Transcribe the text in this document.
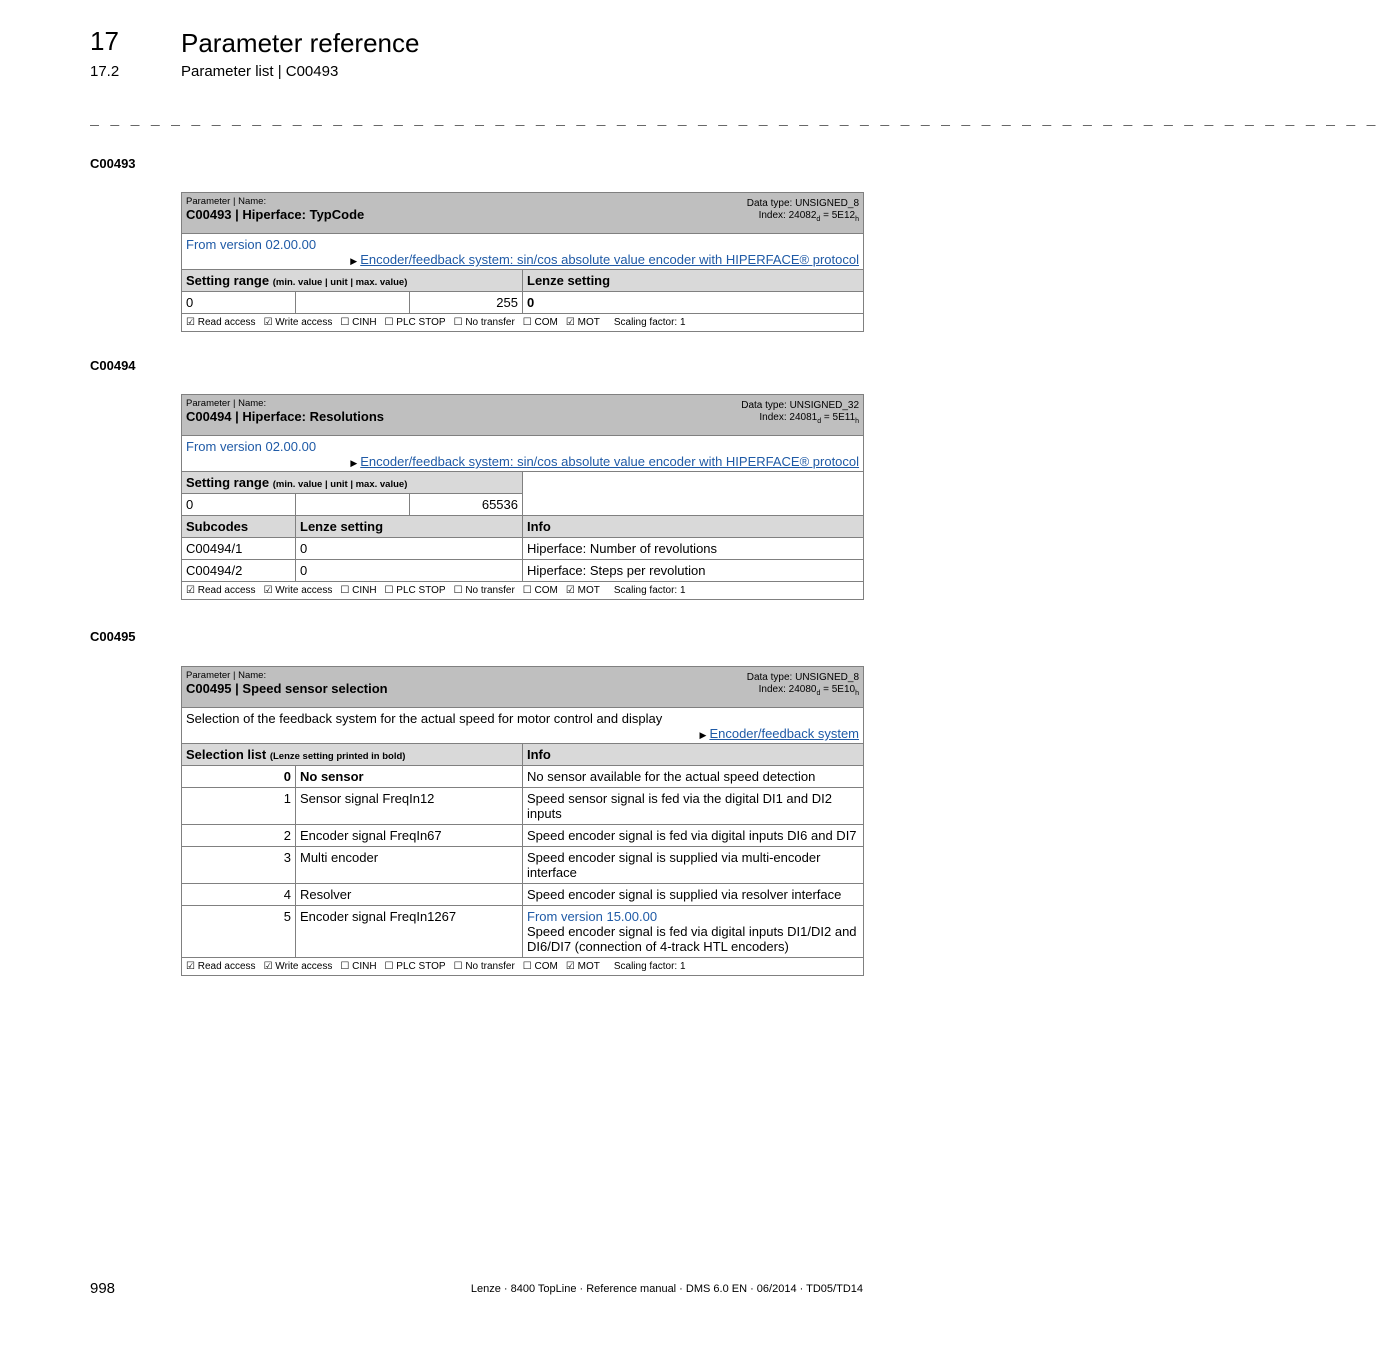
17 Parameter reference
17.2	Parameter list | C00493
_ _ _ _ _ _ _ _ _ _ _ _ _ _ _ _ _ _ _ _ _ _ _ _ _ _ _ _ _ _ _ _ _ _ _ _ _ _ _ _ _ _ _ _ _ _ _ _ _ _ _ _ _ _ _ _ _ _ _ _ _ _ _ _
C00493
Data type: UNSIGNED_8
Index: $24082_d = 5E12_h$
Parameter | Name:
C00493 | Hiperface: TypCode			

From version 02.00.00
▶ Encoder/feedback system: sin/cos absolute value encoder with HIPERFACE® protocol			

Setting range (min. value | unit | max. value)			Lenze setting
0		255	0
☑ Read access ☑ Write access ☐ CINH ☐ PLC STOP ☐ No transfer ☐ COM ☑ MOT Scaling factor: 1			
C00494
Data type: UNSIGNED_32
Index: $24081_d = 5E11_h$
Parameter | Name:
C00494 | Hiperface: Resolutions			

From version 02.00.00
▶ Encoder/feedback system: sin/cos absolute value encoder with HIPERFACE® protocol			

Setting range (min. value | unit | max. value)			
0		65536	
Subcodes	Lenze setting		Info
C00494/1	0		Hiperface: Number of revolutions
C00494/2	0		Hiperface: Steps per revolution
☑ Read access ☑ Write access ☐ CINH ☐ PLC STOP ☐ No transfer ☐ COM ☑ MOT Scaling factor: 1			
C00495
Data type: UNSIGNED_8
Index: $24080_d = 5E10_h$
Parameter | Name:
C00495 | Speed sensor selection		

Selection of the feedback system for the actual speed for motor control and display
▶ Encoder/feedback system		

Selection list (Lenze setting printed in bold)		Info
0	No sensor	No sensor available for the actual speed detection
1	Sensor signal FreqIn12	Speed sensor signal is fed via the digital DI1 and DI2 inputs
2	Encoder signal FreqIn67	Speed encoder signal is fed via digital inputs DI6 and DI7
3	Multi encoder	Speed encoder signal is supplied via multi-encoder interface
4	Resolver	Speed encoder signal is supplied via resolver interface
5	Encoder signal FreqIn1267	From version 15.00.00
Speed encoder signal is fed via digital inputs DI1/DI2 and DI6/DI7 (connection of 4-track HTL encoders)

☑ Read access ☑ Write access ☐ CINH ☐ PLC STOP ☐ No transfer ☐ COM ☑ MOT Scaling factor: 1		
998	Lenze · 8400 TopLine · Reference manual · DMS 6.0 EN · 06/2014 · TD05/TD14
